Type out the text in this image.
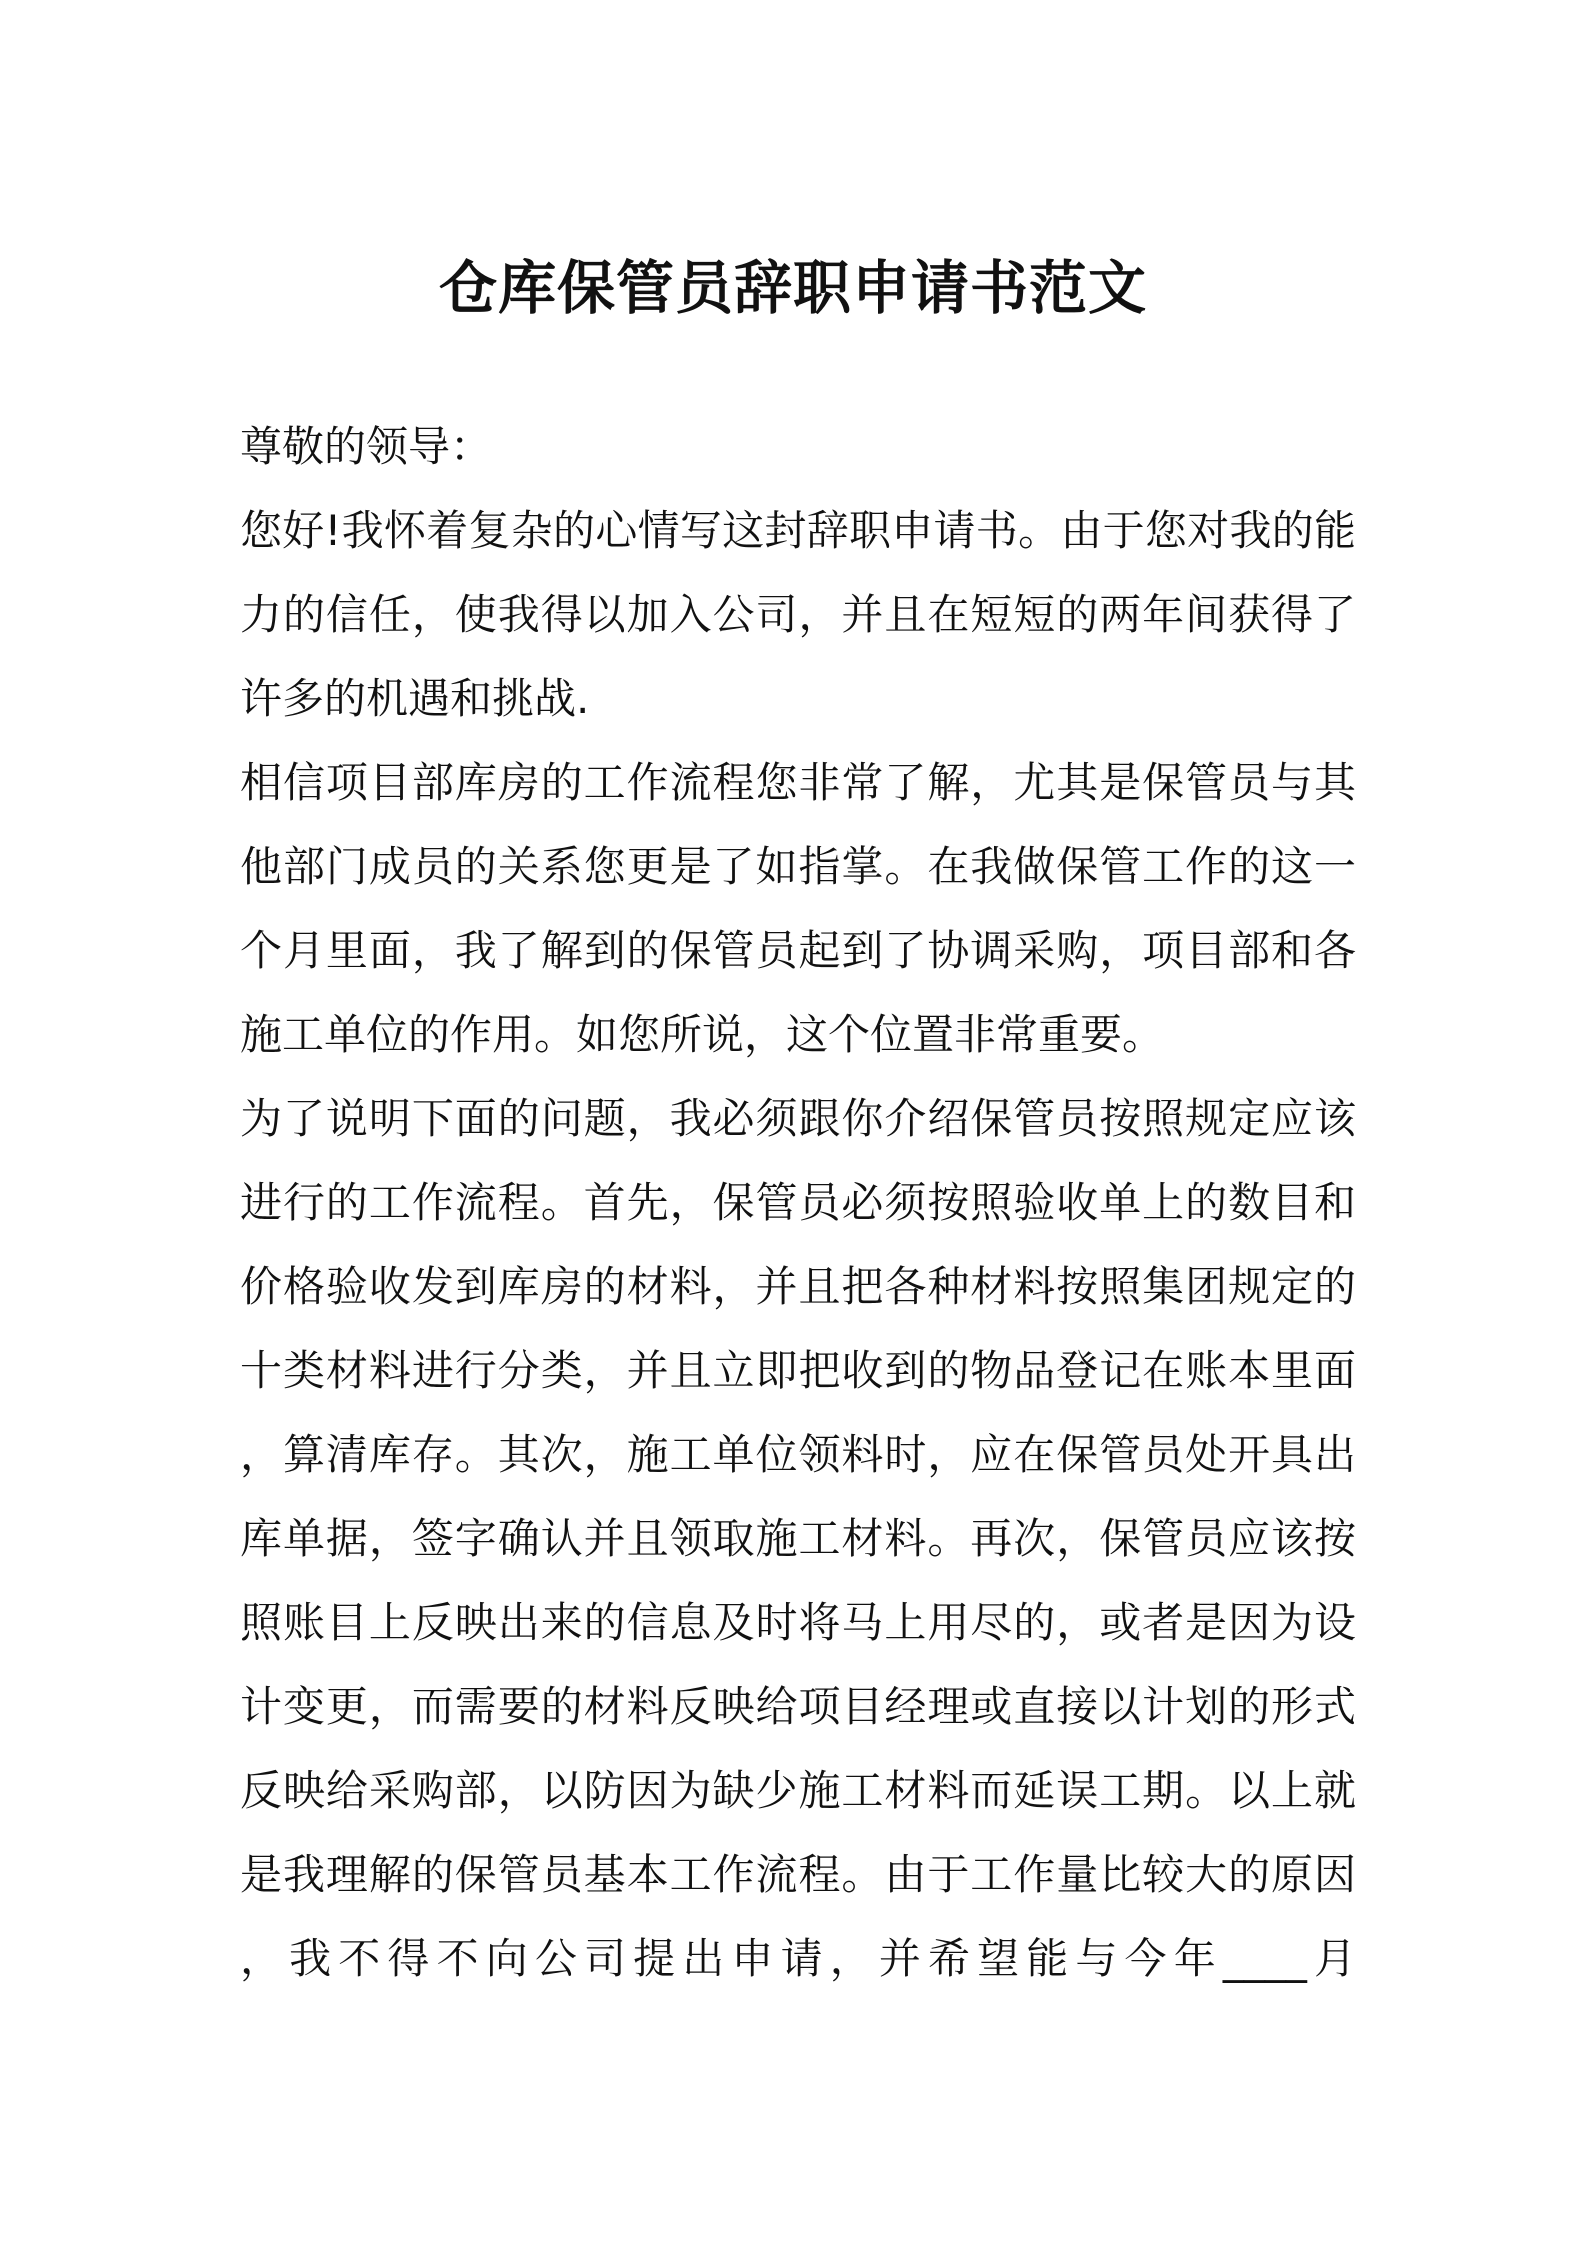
仓库保管员辞职申请书范文
尊敬的领导：
您好!我怀着复杂的心情写这封辞职申请书。由于您对我的能
力的信任，使我得以加入公司，并且在短短的两年间获得了
许多的机遇和挑战.
相信项目部库房的工作流程您非常了解，尤其是保管员与其
他部门成员的关系您更是了如指掌。在我做保管工作的这一
个月里面，我了解到的保管员起到了协调采购，项目部和各
施工单位的作用。如您所说，这个位置非常重要。
为了说明下面的问题，我必须跟你介绍保管员按照规定应该
进行的工作流程。首先，保管员必须按照验收单上的数目和
价格验收发到库房的材料，并且把各种材料按照集团规定的
十类材料进行分类，并且立即把收到的物品登记在账本里面
，算清库存。其次，施工单位领料时，应在保管员处开具出
库单据，签字确认并且领取施工材料。再次，保管员应该按
照账目上反映出来的信息及时将马上用尽的，或者是因为设
计变更，而需要的材料反映给项目经理或直接以计划的形式
反映给采购部，以防因为缺少施工材料而延误工期。以上就
是我理解的保管员基本工作流程。由于工作量比较大的原因
，我不得不向公司提出申请，并希望能与今年____月
